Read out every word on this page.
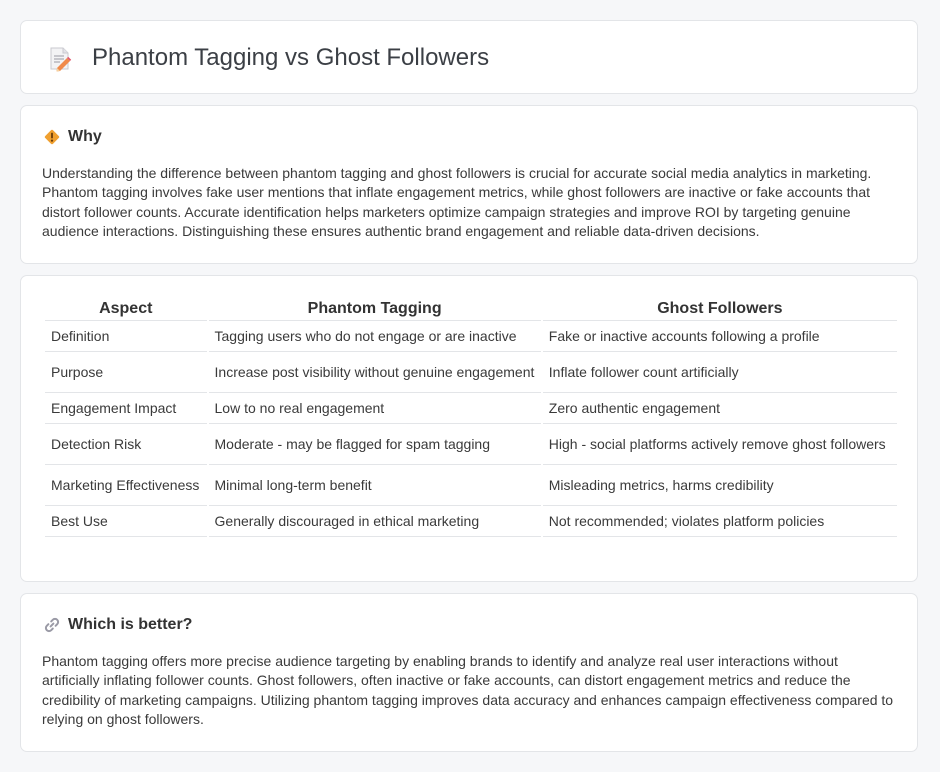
Phantom Tagging vs Ghost Followers
Why

Understanding the difference between phantom tagging and ghost followers is crucial for accurate social media analytics in marketing. Phantom tagging involves fake user mentions that inflate engagement metrics, while ghost followers are inactive or fake accounts that distort follower counts. Accurate identification helps marketers optimize campaign strategies and improve ROI by targeting genuine audience interactions. Distinguishing these ensures authentic brand engagement and reliable data-driven decisions.

Aspect	Phantom Tagging	Ghost Followers
Definition	Tagging users who do not engage or are inactive	Fake or inactive accounts following a profile
Purpose	Increase post visibility without genuine engagement	Inflate follower count artificially
Engagement Impact	Low to no real engagement	Zero authentic engagement
Detection Risk	Moderate - may be flagged for spam tagging	High - social platforms actively remove ghost followers
Marketing Effectiveness	Minimal long-term benefit	Misleading metrics, harms credibility
Best Use	Generally discouraged in ethical marketing	Not recommended; violates platform policies
Which is better?

Phantom tagging offers more precise audience targeting by enabling brands to identify and analyze real user interactions without artificially inflating follower counts. Ghost followers, often inactive or fake accounts, can distort engagement metrics and reduce the credibility of marketing campaigns. Utilizing phantom tagging improves data accuracy and enhances campaign effectiveness compared to relying on ghost followers.
